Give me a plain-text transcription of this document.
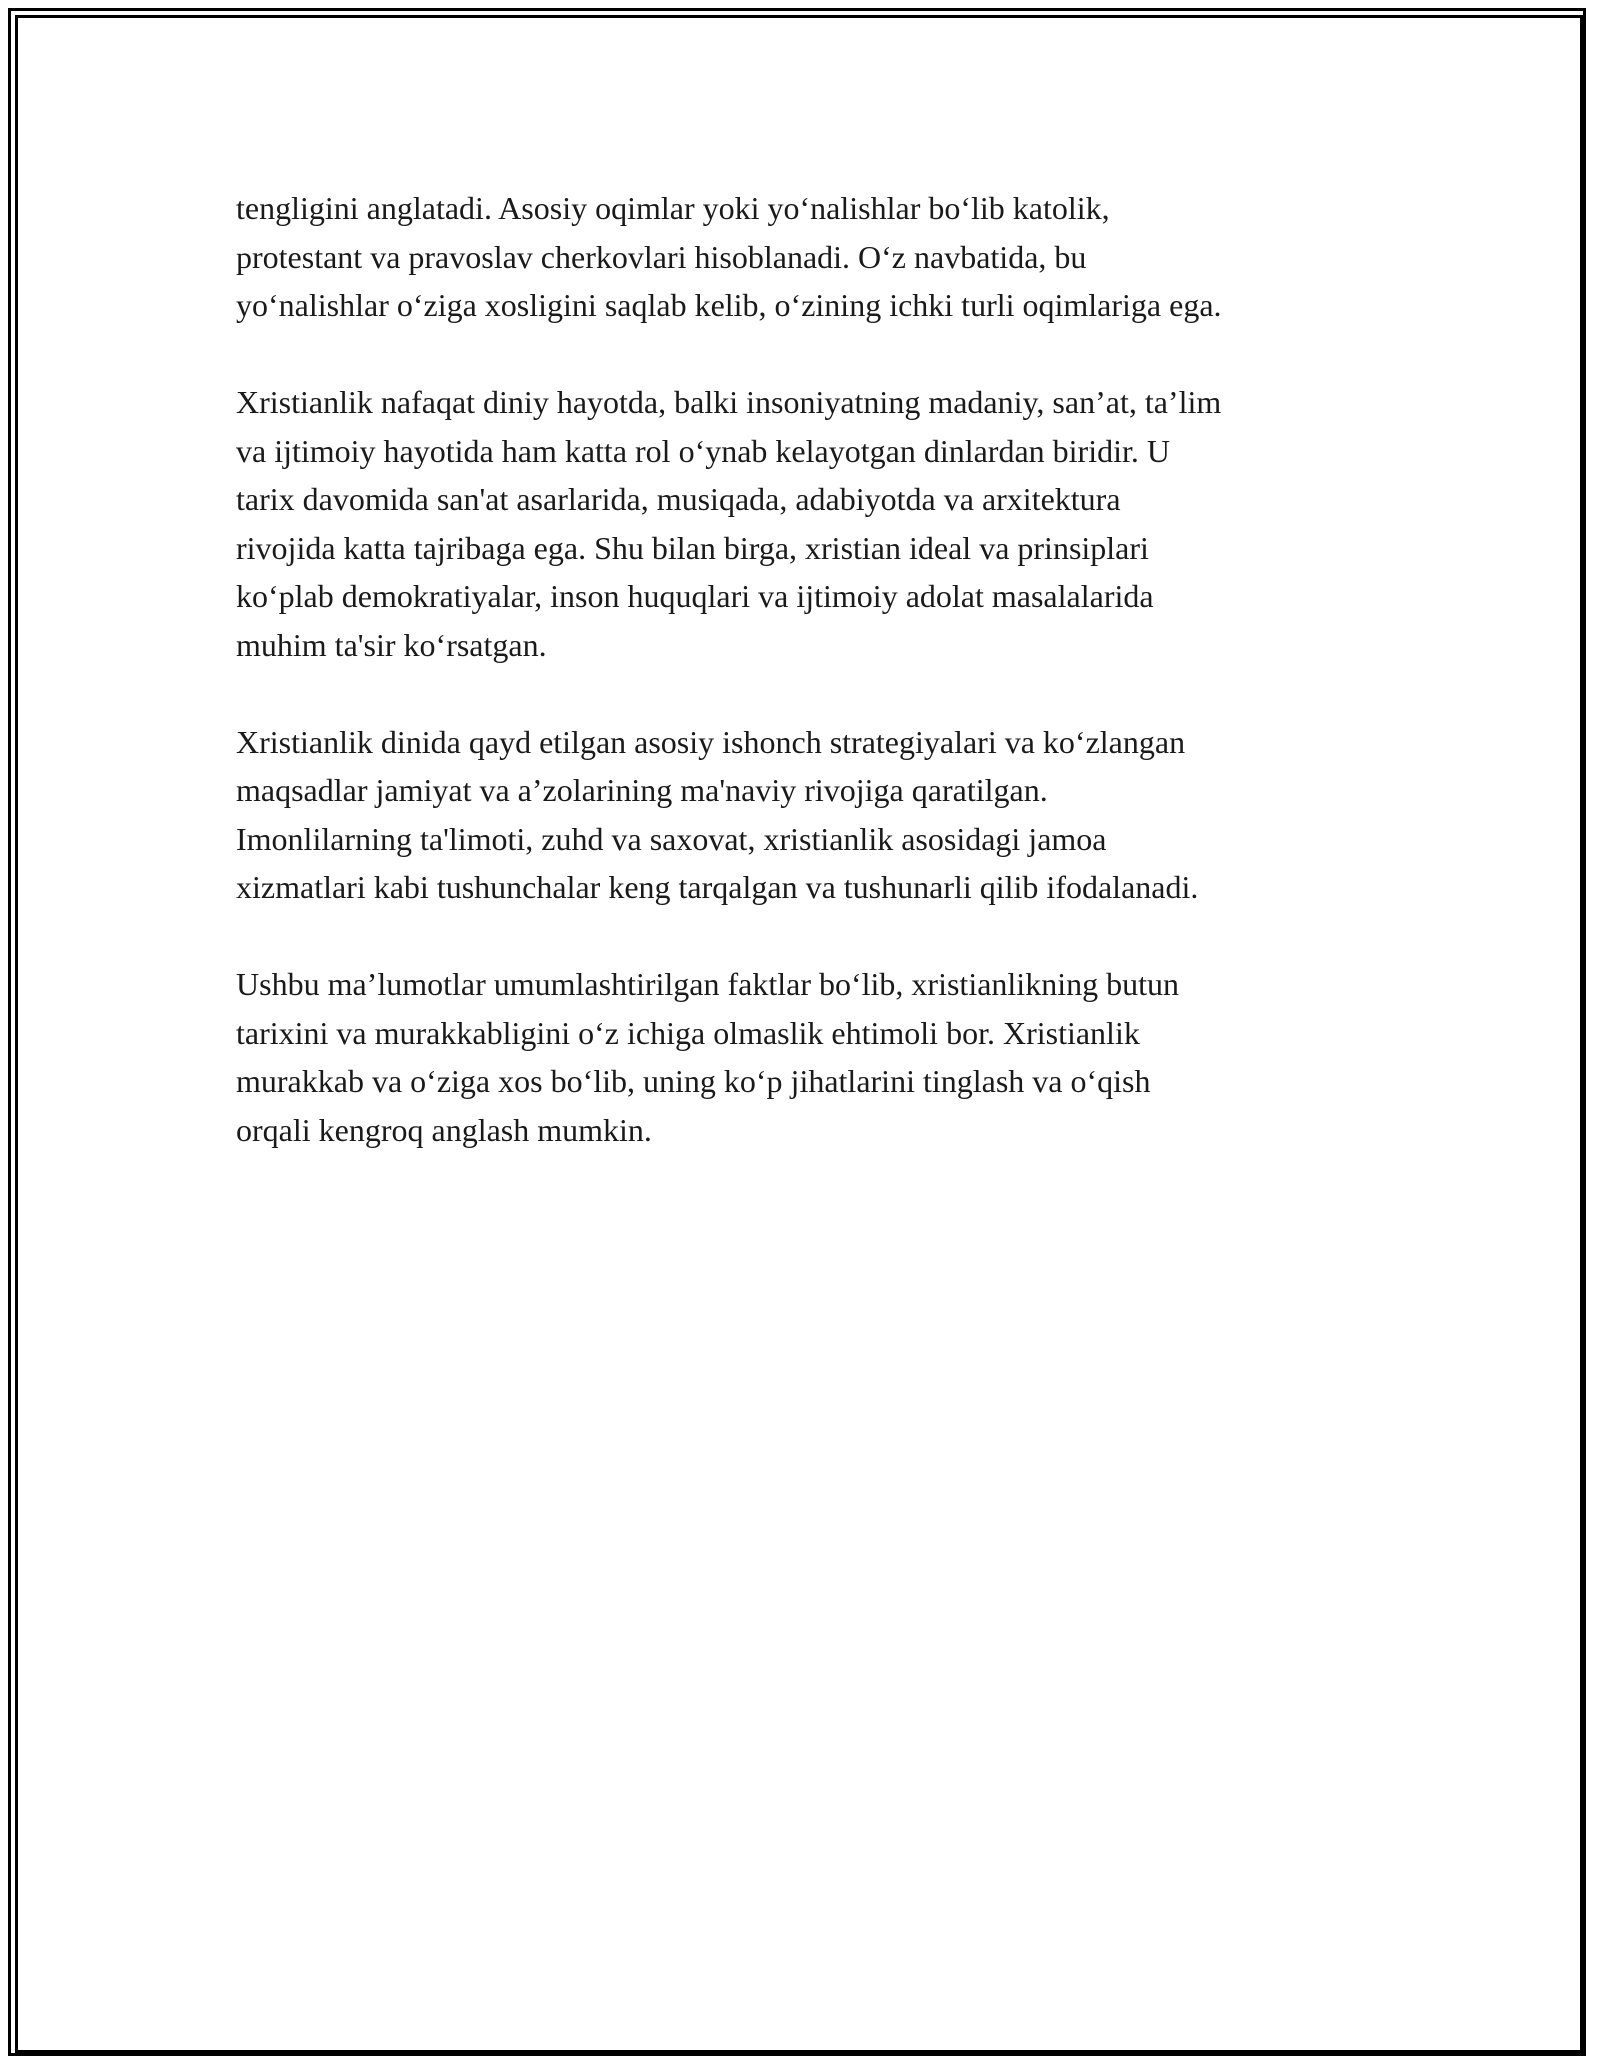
tengligini anglatadi. Asosiy oqimlar yoki yo‘nalishlar bo‘lib katolik,
protestant va pravoslav cherkovlari hisoblanadi. O‘z navbatida, bu
yo‘nalishlar o‘ziga xosligini saqlab kelib, o‘zining ichki turli oqimlariga ega.

Xristianlik nafaqat diniy hayotda, balki insoniyatning madaniy, san’at, ta’lim
va ijtimoiy hayotida ham katta rol o‘ynab kelayotgan dinlardan biridir. U
tarix davomida san'at asarlarida, musiqada, adabiyotda va arxitektura
rivojida katta tajribaga ega. Shu bilan birga, xristian ideal va prinsiplari
ko‘plab demokratiyalar, inson huquqlari va ijtimoiy adolat masalalarida
muhim ta'sir ko‘rsatgan.

Xristianlik dinida qayd etilgan asosiy ishonch strategiyalari va ko‘zlangan
maqsadlar jamiyat va a’zolarining ma'naviy rivojiga qaratilgan.
Imonlilarning ta'limoti, zuhd va saxovat, xristianlik asosidagi jamoa
xizmatlari kabi tushunchalar keng tarqalgan va tushunarli qilib ifodalanadi.

Ushbu ma’lumotlar umumlashtirilgan faktlar bo‘lib, xristianlikning butun
tarixini va murakkabligini o‘z ichiga olmaslik ehtimoli bor. Xristianlik
murakkab va o‘ziga xos bo‘lib, uning ko‘p jihatlarini tinglash va o‘qish
orqali kengroq anglash mumkin.
